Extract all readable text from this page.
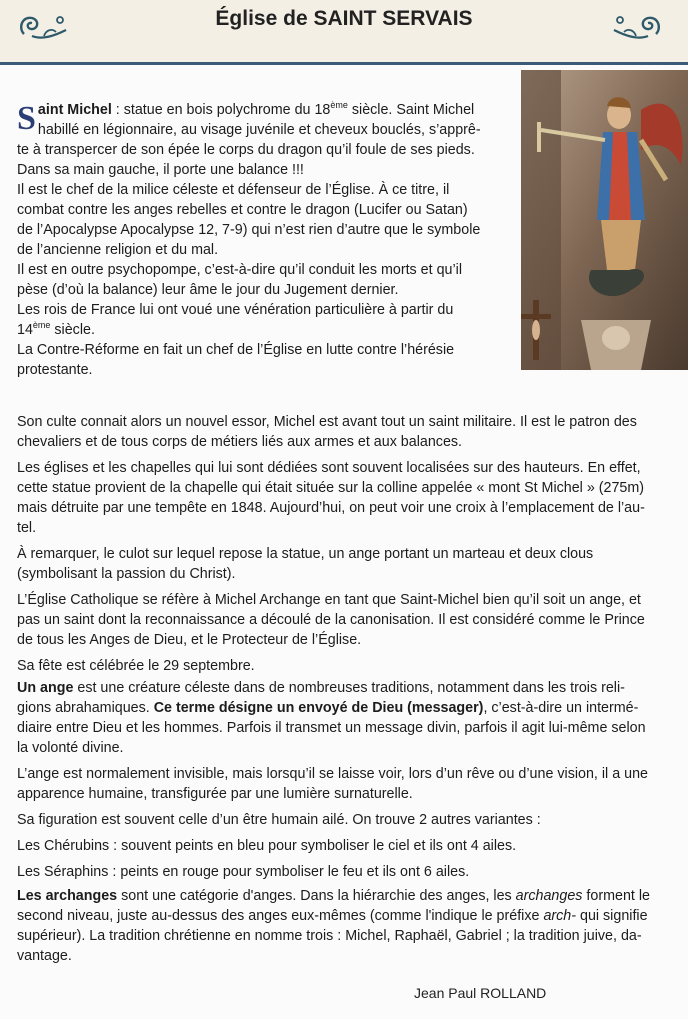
Église de SAINT SERVAIS
S aint Michel : statue en bois polychrome du 18ème siècle. Saint Michel
habillé en légionnaire, au visage juvénile et cheveux bouclés, s’apprê-
te à transpercer de son épée le corps du dragon qu’il foule de ses pieds.
Dans sa main gauche, il porte une balance !!!
Il est le chef de la milice céleste et défenseur de l’Église. À ce titre, il
combat contre les anges rebelles et contre le dragon (Lucifer ou Satan)
de l’Apocalypse Apocalypse 12, 7-9) qui n’est rien d’autre que le symbole
de l’ancienne religion et du mal.
Il est en outre psychopompe, c’est-à-dire qu’il conduit les morts et qu’il
pèse (d’où la balance) leur âme le jour du Jugement dernier.
Les rois de France lui ont voué une vénération particulière à partir du
14ème siècle.
La Contre-Réforme en fait un chef de l’Église en lutte contre l’hérésie
protestante.
Son culte connait alors un nouvel essor, Michel est avant tout un saint militaire. Il est le patron des
chevaliers et de tous corps de métiers liés aux armes et aux balances.
Les églises et les chapelles qui lui sont dédiées sont souvent localisées sur des hauteurs. En effet,
cette statue provient de la chapelle qui était située sur la colline appelée « mont St Michel » (275m)
mais détruite par une tempête en 1848. Aujourd’hui, on peut voir une croix à l’emplacement de l’au-
tel.
À remarquer, le culot sur lequel repose la statue, un ange portant un marteau et deux clous
(symbolisant la passion du Christ).
L’Église Catholique se réfère à Michel Archange en tant que Saint-Michel bien qu’il soit un ange, et
pas un saint dont la reconnaissance a découlé de la canonisation. Il est considéré comme le Prince
de tous les Anges de Dieu, et le Protecteur de l’Église.
Sa fête est célébrée le 29 septembre.
Un ange est une créature céleste dans de nombreuses traditions, notamment dans les trois reli-
gions abrahamiques. Ce terme désigne un envoyé de Dieu (messager), c’est-à-dire un intermé-
diaire entre Dieu et les hommes. Parfois il transmet un message divin, parfois il agit lui-même selon
la volonté divine.
L’ange est normalement invisible, mais lorsqu’il se laisse voir, lors d’un rêve ou d’une vision, il a une
apparence humaine, transfigurée par une lumière surnaturelle.
Sa figuration est souvent celle d’un être humain ailé. On trouve 2 autres variantes :
Les Chérubins : souvent peints en bleu pour symboliser le ciel et ils ont 4 ailes.
Les Séraphins : peints en rouge pour symboliser le feu et ils ont 6 ailes.
Les archanges sont une catégorie d'anges. Dans la hiérarchie des anges, les archanges forment le
second niveau, juste au-dessus des anges eux-mêmes (comme l'indique le préfixe arch- qui signifie
supérieur). La tradition chrétienne en nomme trois : Michel, Raphaël, Gabriel ; la tradition juive, da-
vantage.
Jean Paul ROLLAND
